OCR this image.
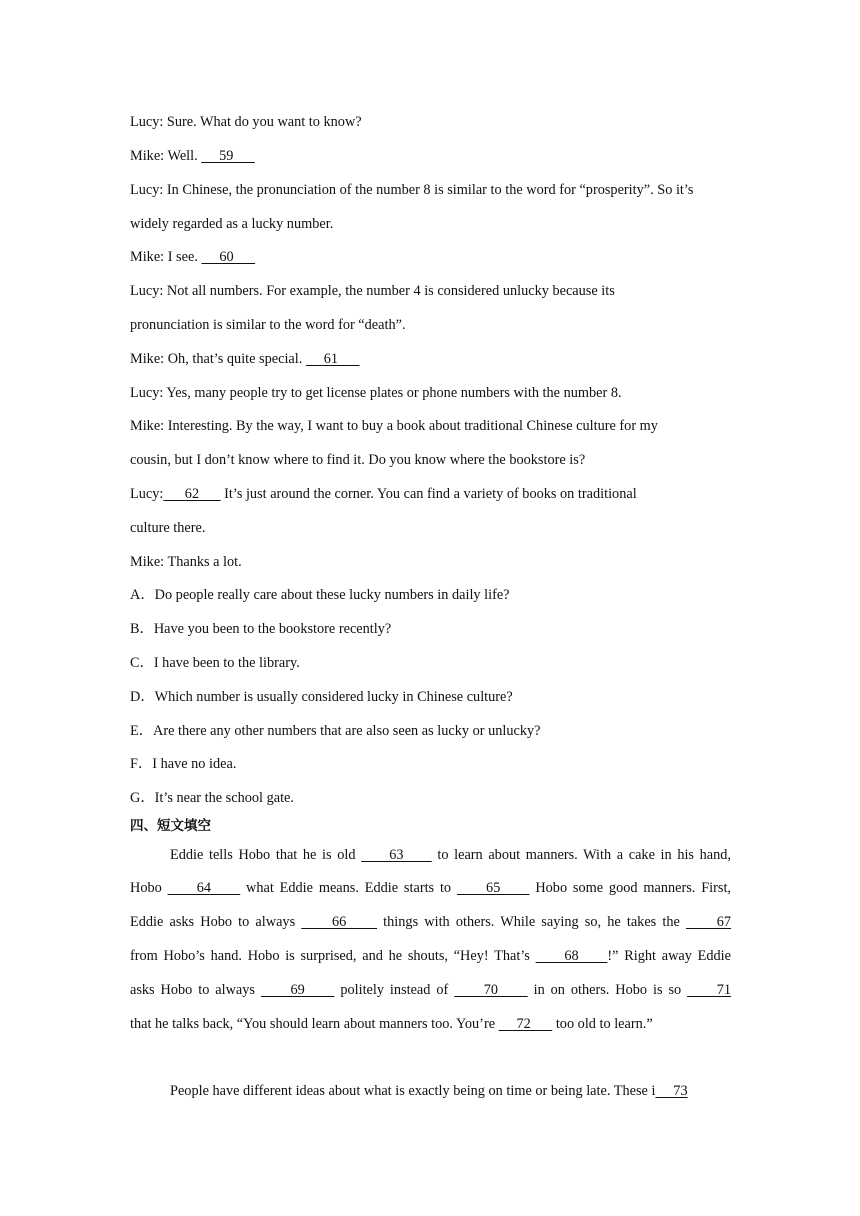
Lucy: Sure. What do you want to know?
Mike: Well.      59
Lucy: In Chinese, the pronunciation of the number 8 is similar to the word for “prosperity”. So it’s
widely regarded as a lucky number.
Mike: I see.      60
Lucy: Not all numbers. For example, the number 4 is considered unlucky because its
pronunciation is similar to the word for “death”.
Mike: Oh, that’s quite special.      61
Lucy: Yes, many people try to get license plates or phone numbers with the number 8.
Mike: Interesting. By the way, I want to buy a book about traditional Chinese culture for my
cousin, but I don’t know where to find it. Do you know where the bookstore is?
Lucy:      62       It’s just around the corner. You can find a variety of books on traditional
culture there.
Mike: Thanks a lot.
A．Do people really care about these lucky numbers in daily life?
B．Have you been to the bookstore recently?
C．I have been to the library.
D．Which number is usually considered lucky in Chinese culture?
E．Are there any other numbers that are also seen as lucky or unlucky?
F．I have no idea.
G．It’s near the school gate.
四、短文填空
Eddie tells Hobo that he is old      63      to learn about manners. With a cake in his hand,
Hobo      64      what Eddie means. Eddie starts to      65      Hobo some good manners. First,
Eddie asks Hobo to always      66      things with others. While saying so, he takes the      67
from Hobo’s hand. Hobo is surprised, and he shouts, “Hey! That’s      68     !” Right away Eddie
asks Hobo to always      69      politely instead of      70      in on others. Hobo is so      71
that he talks back, “You should learn about manners too. You’re      72       too old to learn.”
People have different ideas about what is exactly being on time or being late. These i     73
